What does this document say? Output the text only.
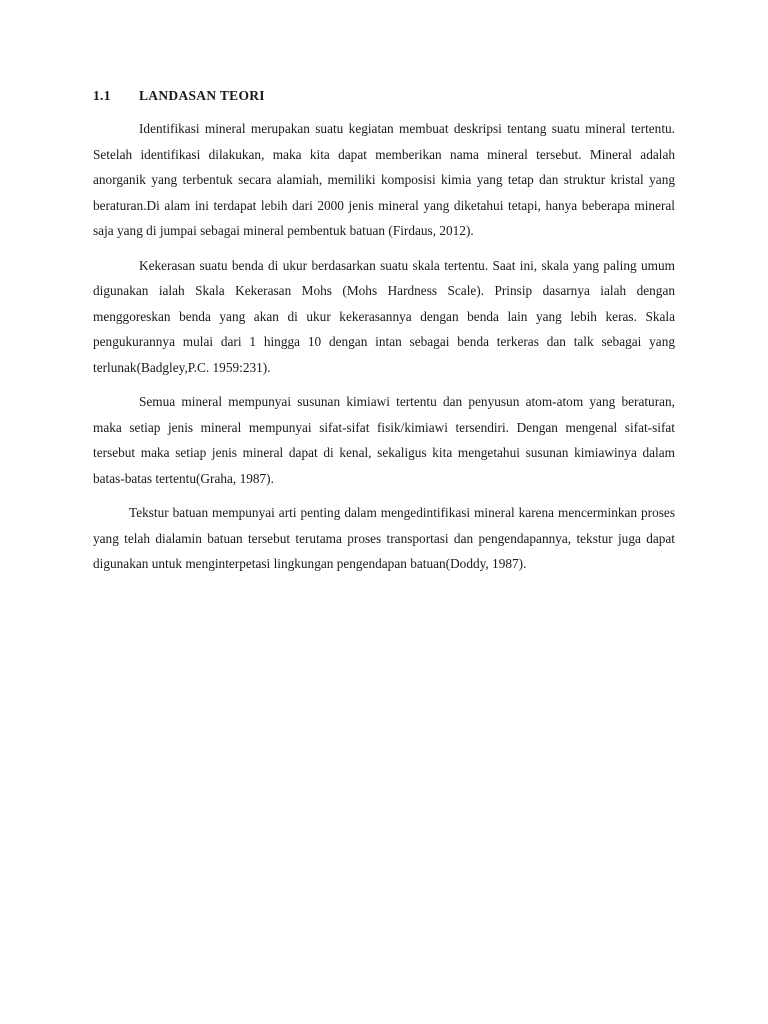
1.1 LANDASAN TEORI

Identifikasi mineral merupakan suatu kegiatan membuat deskripsi tentang suatu mineral tertentu. Setelah identifikasi dilakukan, maka kita dapat memberikan nama mineral tersebut. Mineral adalah anorganik yang terbentuk secara alamiah, memiliki komposisi kimia yang tetap dan struktur kristal yang beraturan.Di alam ini terdapat lebih dari 2000 jenis mineral yang diketahui tetapi, hanya beberapa mineral saja yang di jumpai sebagai mineral pembentuk batuan (Firdaus, 2012).

Kekerasan suatu benda di ukur berdasarkan suatu skala tertentu. Saat ini, skala yang paling umum digunakan ialah Skala Kekerasan Mohs (Mohs Hardness Scale). Prinsip dasarnya ialah dengan menggoreskan benda yang akan di ukur kekerasannya dengan benda lain yang lebih keras. Skala pengukurannya mulai dari 1 hingga 10 dengan intan sebagai benda terkeras dan talk sebagai yang terlunak(Badgley,P.C. 1959:231).

Semua mineral mempunyai susunan kimiawi tertentu dan penyusun atom-atom yang beraturan, maka setiap jenis mineral mempunyai sifat-sifat fisik/kimiawi tersendiri. Dengan mengenal sifat-sifat tersebut maka setiap jenis mineral dapat di kenal, sekaligus kita mengetahui susunan kimiawinya dalam batas-batas tertentu(Graha, 1987).

Tekstur batuan mempunyai arti penting dalam mengedintifikasi mineral karena mencerminkan proses yang telah dialamin batuan tersebut terutama proses transportasi dan pengendapannya, tekstur juga dapat digunakan untuk menginterpetasi lingkungan pengendapan batuan(Doddy, 1987).
